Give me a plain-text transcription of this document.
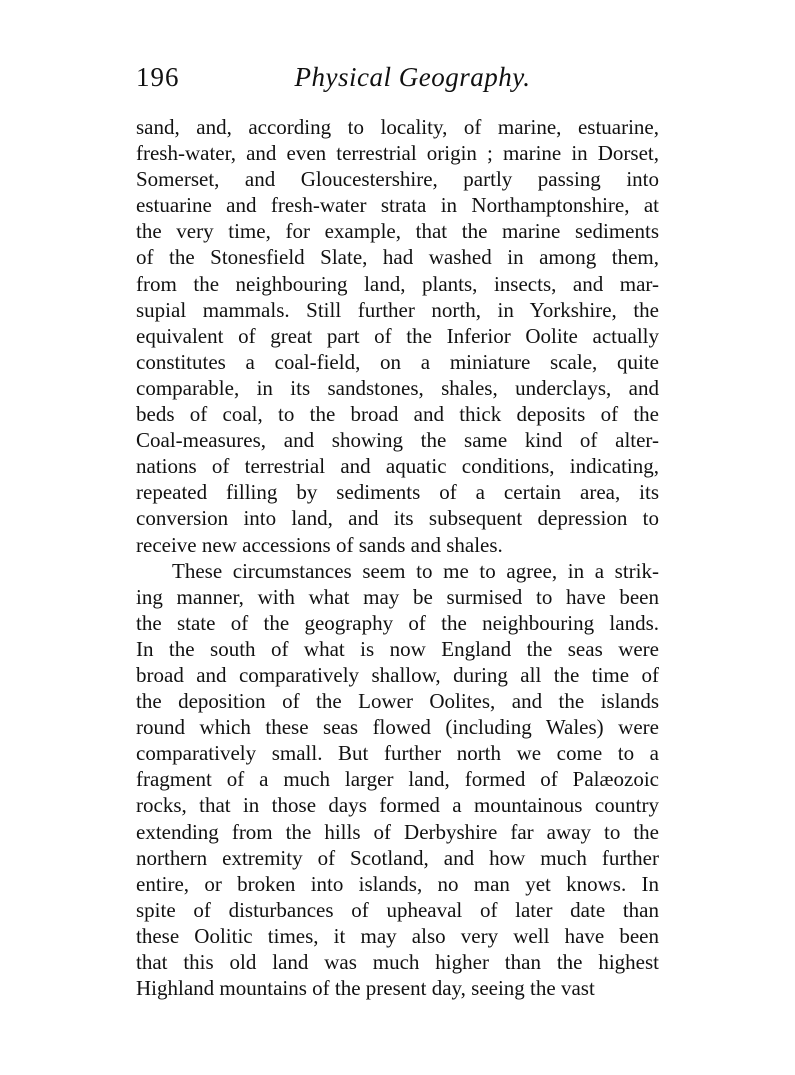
196	Physical Geography.
sand, and, according to locality, of marine, estuarine,
fresh-water, and even terrestrial origin ; marine in Dorset,
Somerset, and Gloucestershire, partly passing into
estuarine and fresh-water strata in Northamptonshire, at
the very time, for example, that the marine sediments
of the Stonesfield Slate, had washed in among them,
from the neighbouring land, plants, insects, and mar-
supial mammals. Still further north, in Yorkshire, the
equivalent of great part of the Inferior Oolite actually
constitutes a coal-field, on a miniature scale, quite
comparable, in its sandstones, shales, underclays, and
beds of coal, to the broad and thick deposits of the
Coal-measures, and showing the same kind of alter-
nations of terrestrial and aquatic conditions, indicating,
repeated filling by sediments of a certain area, its
conversion into land, and its subsequent depression to
receive new accessions of sands and shales.
These circumstances seem to me to agree, in a strik-
ing manner, with what may be surmised to have been
the state of the geography of the neighbouring lands.
In the south of what is now England the seas were
broad and comparatively shallow, during all the time of
the deposition of the Lower Oolites, and the islands
round which these seas flowed (including Wales) were
comparatively small. But further north we come to a
fragment of a much larger land, formed of Palæozoic
rocks, that in those days formed a mountainous country
extending from the hills of Derbyshire far away to the
northern extremity of Scotland, and how much further
entire, or broken into islands, no man yet knows. In
spite of disturbances of upheaval of later date than
these Oolitic times, it may also very well have been
that this old land was much higher than the highest
Highland mountains of the present day, seeing the vast
